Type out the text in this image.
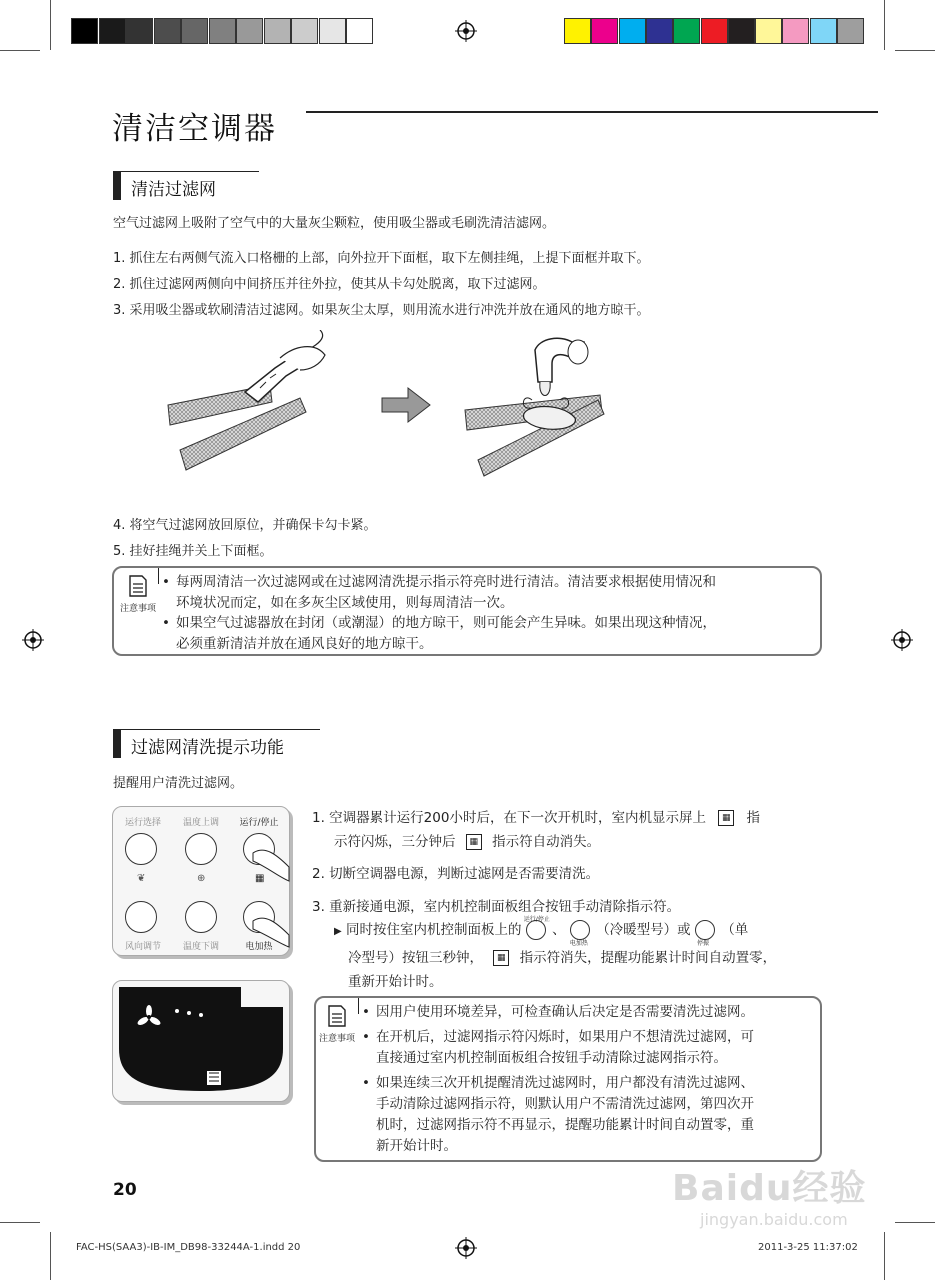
清洁空调器
清洁过滤网
空气过滤网上吸附了空气中的大量灰尘颗粒，使用吸尘器或毛刷洗清洁滤网。
1. 抓住左右两侧气流入口格栅的上部，向外拉开下面框，取下左侧挂绳，上提下面框并取下。
2. 抓住过滤网两侧向中间挤压并往外拉，使其从卡勾处脱离，取下过滤网。
3. 采用吸尘器或软刷清洁过滤网。如果灰尘太厚，则用流水进行冲洗并放在通风的地方晾干。
4. 将空气过滤网放回原位，并确保卡勾卡紧。
5. 挂好挂绳并关上下面框。
注意事项
• 每两周清洁一次过滤网或在过滤网清洗提示指示符亮时进行清洁。清洁要求根据使用情况和
环境状况而定，如在多灰尘区域使用，则每周清洁一次。
• 如果空气过滤器放在封闭（或潮湿）的地方晾干，则可能会产生异味。如果出现这种情况，
必须重新清洁并放在通风良好的地方晾干。
过滤网清洗提示功能
提醒用户清洗过滤网。
运行选择	温度上调	运行/停止
⊕
❦	▦
风向调节	温度下调	电加热
1. 空调器累计运行200小时后，在下一次开机时，室内机显示屏上 ▦ 指
示符闪烁，三分钟后 ▦ 指示符自动消失。
2. 切断空调器电源，判断过滤网是否需要清洗。
3. 重新接通电源，室内机控制面板组合按钮手动清除指示符。
▶ 同时按住室内机控制面板上的
运行/停止
、
电加热
（冷暖型号）或
停振
（单
冷型号）按钮三秒钟， ▦ 指示符消失，提醒功能累计时间自动置零，
重新开始计时。
注意事项
• 因用户使用环境差异，可检查确认后决定是否需要清洗过滤网。
• 在开机后，过滤网指示符闪烁时，如果用户不想清洗过滤网，可
直接通过室内机控制面板组合按钮手动清除过滤网指示符。
• 如果连续三次开机提醒清洗过滤网时，用户都没有清洗过滤网、
手动清除过滤网指示符，则默认用户不需清洗过滤网，第四次开
机时，过滤网指示符不再显示，提醒功能累计时间自动置零，重
新开始计时。
20	Baidu经验
jingyan.baidu.com
FAC-HS(SAA3)-IB-IM_DB98-33244A-1.indd 20	2011-3-25 11:37:02
